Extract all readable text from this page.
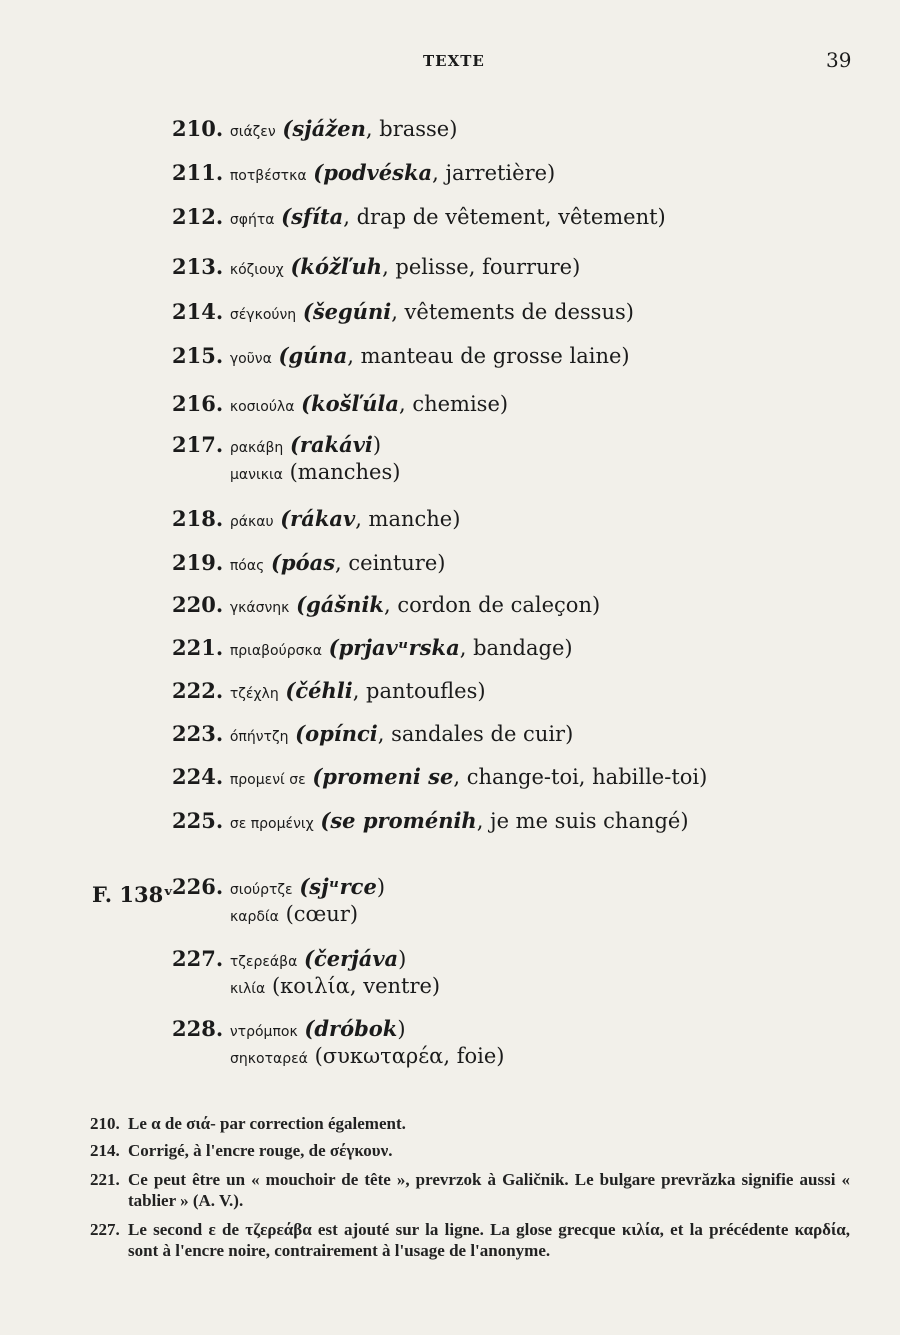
TEXTE	39
F. 138ᵛ
210. σιάζεν (sjážen, brasse)
211. ποτβέστκα (podvéska, jarretière)
212. σφήτα (sfíta, drap de vêtement, vêtement)
213. κόζιουχ (kóžľuh, pelisse, fourrure)
214. σέγκούνη (šegúni, vêtements de dessus)
215. γοῦνα (gúna, manteau de grosse laine)
216. κοσιούλα (košľúla, chemise)
217. ρακάβη (rakávi)
μανικια (manches)
218. ράκαυ (rákav, manche)
219. πόας (póas, ceinture)
220. γκάσνηκ (gášnik, cordon de caleçon)
221. πριαβούρσκα (prjavᵘrska, bandage)
222. τζέχλη (čéhli, pantoufles)
223. όπήντζη (opínci, sandales de cuir)
224. πρoμενί σε (promeni se, change-toi, habille-toi)
225. σε πρoμένιχ (se proménih, je me suis changé)
226. σιούρτζε (sjᵘrce)
καρδία (cœur)
227. τζερεάβα (čerjáva)
κιλία (κοιλία, ventre)
228. ντρόμποκ (dróbok)
σηκοταρεά (συκωταρέα, foie)
210. Le α de σιά- par correction également.
214. Corrigé, à l'encre rouge, de σέγκουν.
221. Ce peut être un « mouchoir de tête », prevrzok à Galičnik. Le bulgare prevrăzka signifie aussi « tablier » (A. V.).
227. Le second ε de τζερεάβα est ajouté sur la ligne. La glose grecque κιλία, et la précédente καρδία, sont à l'encre noire, contrairement à l'usage de l'anonyme.
